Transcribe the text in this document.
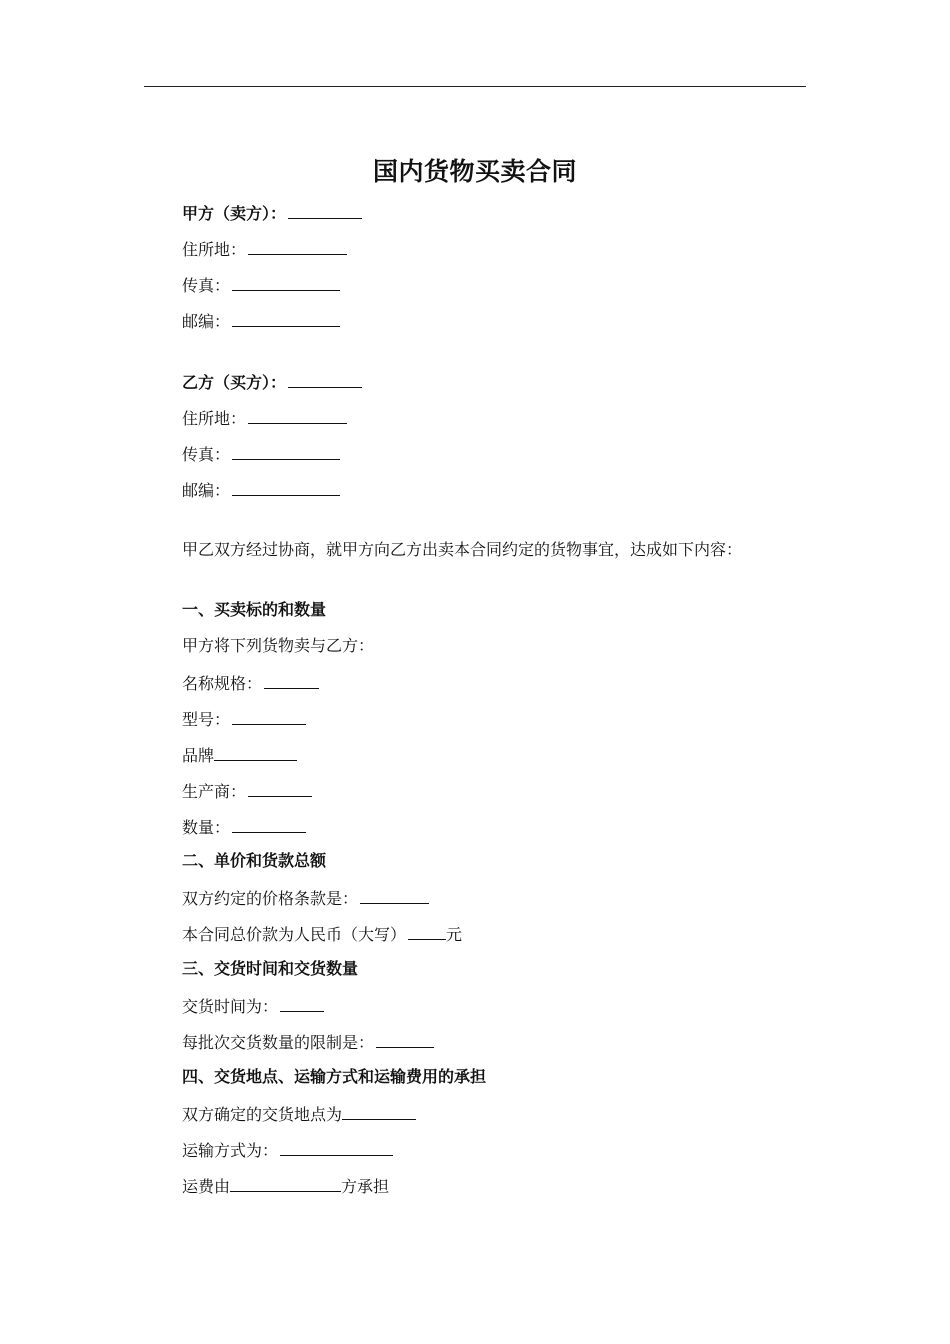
国内货物买卖合同
甲方（卖方）：
住所地：
传真：
邮编：
乙方（买方）：
住所地：
传真：
邮编：
甲乙双方经过协商，就甲方向乙方出卖本合同约定的货物事宜，达成如下内容：
一、买卖标的和数量
甲方将下列货物卖与乙方：
名称规格：
型号：
品牌
生产商：
数量：
二、单价和货款总额
双方约定的价格条款是：
本合同总价款为人民币（大写）	元
三、交货时间和交货数量
交货时间为：
每批次交货数量的限制是：
四、交货地点、运输方式和运输费用的承担
双方确定的交货地点为
运输方式为：
运费由	方承担
